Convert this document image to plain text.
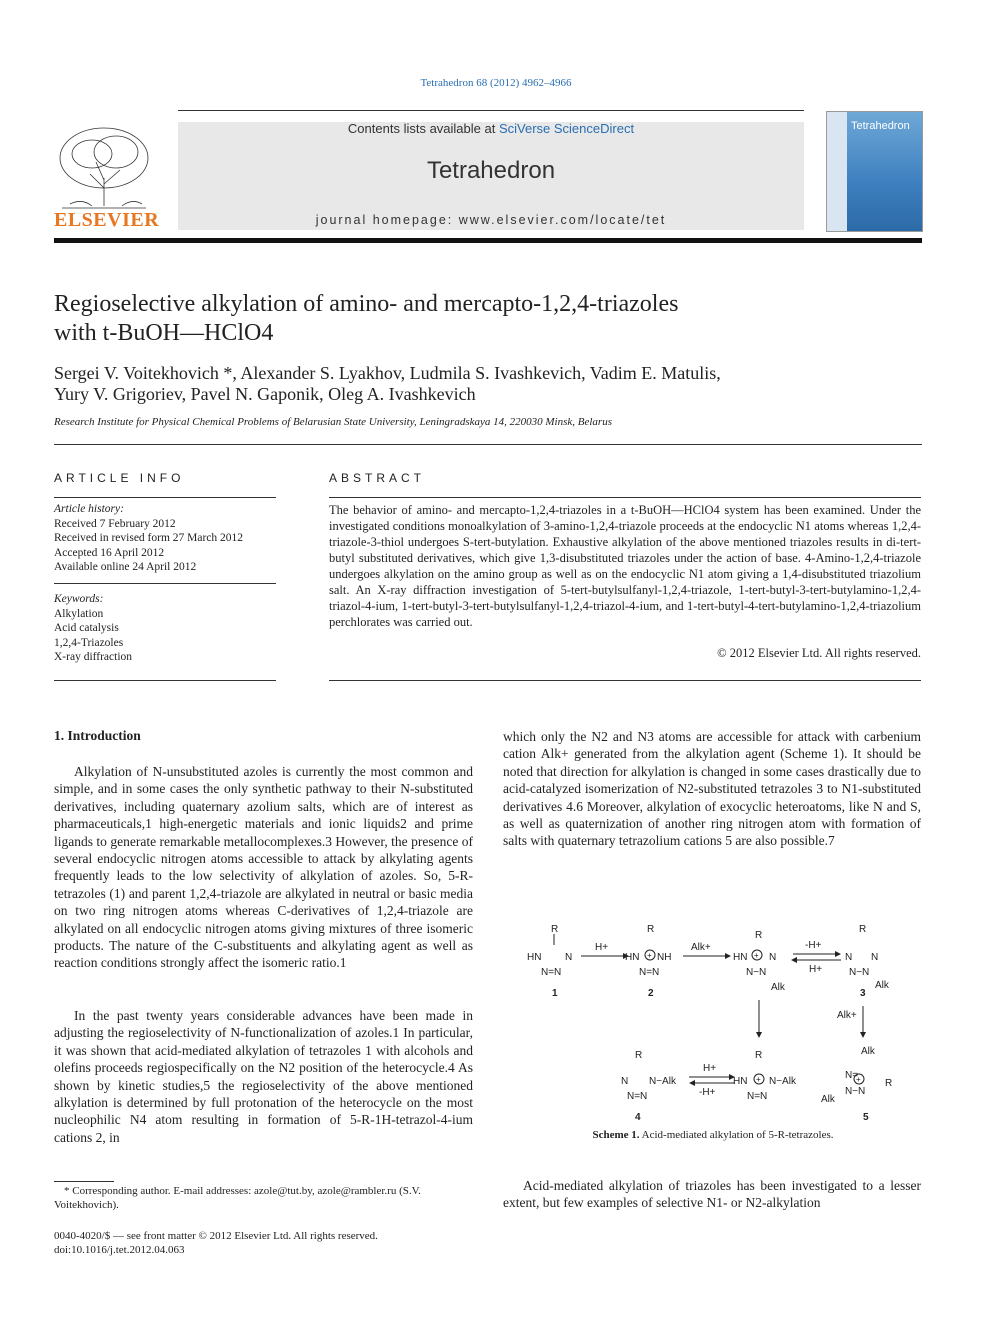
Tetrahedron 68 (2012) 4962–4966
ELSEVIER
Contents lists available at SciVerse ScienceDirect
Tetrahedron
journal homepage: www.elsevier.com/locate/tet
Tetrahedron
Regioselective alkylation of amino- and mercapto-1,2,4-triazoles
with t-BuOH—HClO4
Sergei V. Voitekhovich *, Alexander S. Lyakhov, Ludmila S. Ivashkevich, Vadim E. Matulis,
Yury V. Grigoriev, Pavel N. Gaponik, Oleg A. Ivashkevich
Research Institute for Physical Chemical Problems of Belarusian State University, Leningradskaya 14, 220030 Minsk, Belarus
ARTICLE INFO
Article history:
Received 7 February 2012
Received in revised form 27 March 2012
Accepted 16 April 2012
Available online 24 April 2012
Keywords:
Alkylation
Acid catalysis
1,2,4-Triazoles
X-ray diffraction
ABSTRACT
The behavior of amino- and mercapto-1,2,4-triazoles in a t-BuOH—HClO4 system has been examined. Under the investigated conditions monoalkylation of 3-amino-1,2,4-triazole proceeds at the endocyclic N1 atoms whereas 1,2,4-triazole-3-thiol undergoes S-tert-butylation. Exhaustive alkylation of the above mentioned triazoles results in di-tert-butyl substituted derivatives, which give 1,3-disubstituted triazoles under the action of base. 4-Amino-1,2,4-triazole undergoes alkylation on the amino group as well as on the endocyclic N1 atom giving a 1,4-disubstituted triazolium salt. An X-ray diffraction investigation of 5-tert-butylsulfanyl-1,2,4-triazole, 1-tert-butyl-3-tert-butylamino-1,2,4-triazol-4-ium, 1-tert-butyl-3-tert-butylsulfanyl-1,2,4-triazol-4-ium, and 1-tert-butyl-4-tert-butylamino-1,2,4-triazolium perchlorates was carried out.
© 2012 Elsevier Ltd. All rights reserved.
1. Introduction
Alkylation of N-unsubstituted azoles is currently the most common and simple, and in some cases the only synthetic pathway to their N-substituted derivatives, including quaternary azolium salts, which are of interest as pharmaceuticals,1 high-energetic materials and ionic liquids2 and prime ligands to generate remarkable metallocomplexes.3 However, the presence of several endocyclic nitrogen atoms accessible to attack by alkylating agents frequently leads to the low selectivity of alkylation of azoles. So, 5-R-tetrazoles (1) and parent 1,2,4-triazole are alkylated in neutral or basic media on two ring nitrogen atoms whereas C-derivatives of 1,2,4-triazole are alkylated on all endocyclic nitrogen atoms giving mixtures of three isomeric products. The nature of the C-substituents and alkylating agent as well as reaction conditions strongly affect the isomeric ratio.1
In the past twenty years considerable advances have been made in adjusting the regioselectivity of N-functionalization of azoles.1 In particular, it was shown that acid-mediated alkylation of tetrazoles 1 with alcohols and olefins proceeds regiospecifically on the N2 position of the heterocycle.4 As shown by kinetic studies,5 the regioselectivity of the above mentioned alkylation is determined by full protonation of the heterocycle on the most nucleophilic N4 atom resulting in formation of 5-R-1H-tetrazol-4-ium cations 2, in
which only the N2 and N3 atoms are accessible for attack with carbenium cation Alk+ generated from the alkylation agent (Scheme 1). It should be noted that direction for alkylation is changed in some cases drastically due to acid-catalyzed isomerization of N2-substituted tetrazoles 3 to N1-substituted derivatives 4.6 Moreover, alkylation of exocyclic heteroatoms, like N and S, as well as quaternization of another ring nitrogen atom with formation of salts with quaternary tetrazolium cations 5 are also possible.7
R
HN N
N=N
1
H+
R
HN NH
+
N=N
2
Alk+
R
HN N
+
N−N
Alk
-H+
H+
R
N N
N−N
Alk
3
Alk+
R
N N−Alk
N=N
4
H+
-H+
R
HN N−Alk
+
N=N
Alk
N=
+ R
N−N
Alk
5
Scheme 1. Acid-mediated alkylation of 5-R-tetrazoles.
Acid-mediated alkylation of triazoles has been investigated to a lesser extent, but few examples of selective N1- or N2-alkylation
* Corresponding author. E-mail addresses: azole@tut.by, azole@rambler.ru (S.V. Voitekhovich).
0040-4020/$ — see front matter © 2012 Elsevier Ltd. All rights reserved.
doi:10.1016/j.tet.2012.04.063
